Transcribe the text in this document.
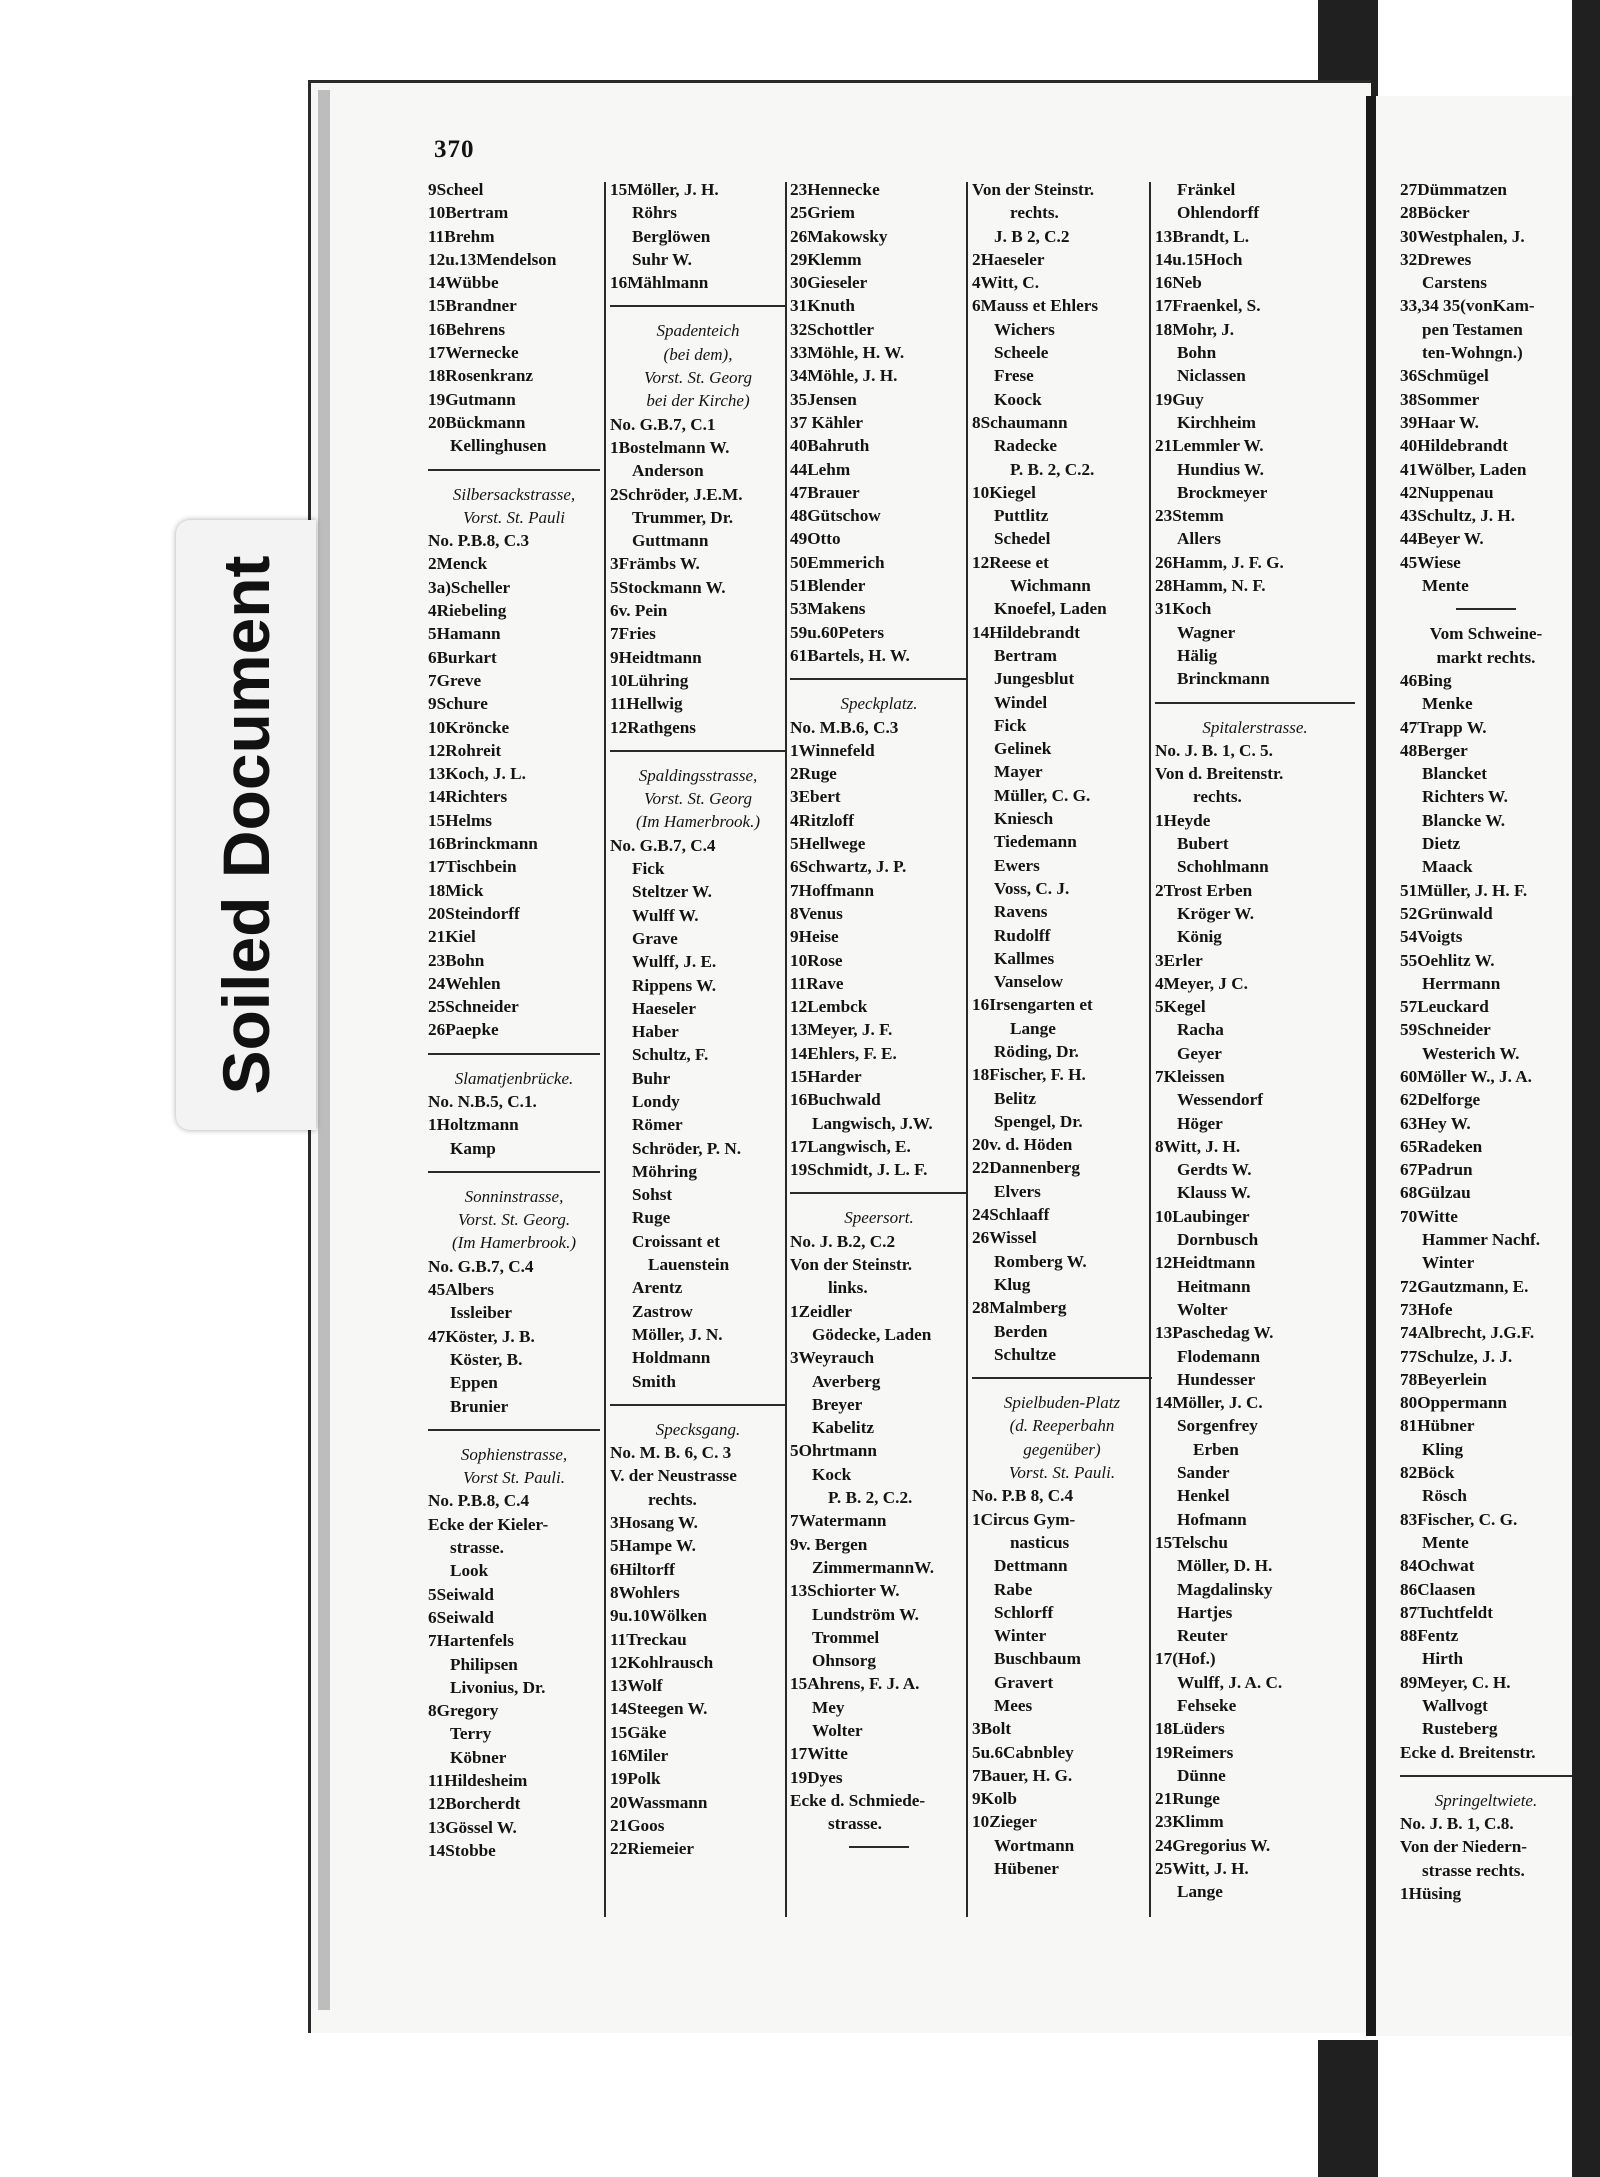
Soiled Document
370
9Scheel
10Bertram
11Brehm
12u.13Mendelson
14Wübbe
15Brandner
16Behrens
17Wernecke
18Rosenkranz
19Gutmann
20Bückmann
Kellinghusen
Silbersackstrasse,
Vorst. St. Pauli
No. P.B.8, C.3
2Menck
3a)Scheller
4Riebeling
5Hamann
6Burkart
7Greve
9Schure
10Kröncke
12Rohreit
13Koch, J. L.
14Richters
15Helms
16Brinckmann
17Tischbein
18Mick
20Steindorff
21Kiel
23Bohn
24Wehlen
25Schneider
26Paepke
Slamatjenbrücke.
No. N.B.5, C.1.
1Holtzmann
Kamp
Sonninstrasse,
Vorst. St. Georg.
(Im Hamerbrook.)
No. G.B.7, C.4
45Albers
Issleiber
47Köster, J. B.
Köster, B.
Eppen
Brunier
Sophienstrasse,
Vorst St. Pauli.
No. P.B.8, C.4
Ecke der Kieler-
strasse.
Look
5Seiwald
6Seiwald
7Hartenfels
Philipsen
Livonius, Dr.
8Gregory
Terry
Köbner
11Hildesheim
12Borcherdt
13Gössel W.
14Stobbe
15Möller, J. H.
Röhrs
Berglöwen
Suhr W.
16Mählmann
Spadenteich
(bei dem),
Vorst. St. Georg
bei der Kirche)
No. G.B.7, C.1
1Bostelmann W.
Anderson
2Schröder, J.E.M.
Trummer, Dr.
Guttmann
3Främbs W.
5Stockmann W.
6v. Pein
7Fries
9Heidtmann
10Lühring
11Hellwig
12Rathgens
Spaldingsstrasse,
Vorst. St. Georg
(Im Hamerbrook.)
No. G.B.7, C.4
Fick
Steltzer W.
Wulff W.
Grave
Wulff, J. E.
Rippens W.
Haeseler
Haber
Schultz, F.
Buhr
Londy
Römer
Schröder, P. N.
Möhring
Sohst
Ruge
Croissant et
Lauenstein
Arentz
Zastrow
Möller, J. N.
Holdmann
Smith
Specksgang.
No. M. B. 6, C. 3
V. der Neustrasse
rechts.
3Hosang W.
5Hampe W.
6Hiltorff
8Wohlers
9u.10Wölken
11Treckau
12Kohlrausch
13Wolf
14Steegen W.
15Gäke
16Miler
19Polk
20Wassmann
21Goos
22Riemeier
23Hennecke
25Griem
26Makowsky
29Klemm
30Gieseler
31Knuth
32Schottler
33Möhle, H. W.
34Möhle, J. H.
35Jensen
37 Kähler
40Bahruth
44Lehm
47Brauer
48Gütschow
49Otto
50Emmerich
51Blender
53Makens
59u.60Peters
61Bartels, H. W.
Speckplatz.
No. M.B.6, C.3
1Winnefeld
2Ruge
3Ebert
4Ritzloff
5Hellwege
6Schwartz, J. P.
7Hoffmann
8Venus
9Heise
10Rose
11Rave
12Lembck
13Meyer, J. F.
14Ehlers, F. E.
15Harder
16Buchwald
Langwisch, J.W.
17Langwisch, E.
19Schmidt, J. L. F.
Speersort.
No. J. B.2, C.2
Von der Steinstr.
links.
1Zeidler
Gödecke, Laden
3Weyrauch
Averberg
Breyer
Kabelitz
5Ohrtmann
Kock
P. B. 2, C.2.
7Watermann
9v. Bergen
ZimmermannW.
13Schiorter W.
Lundström W.
Trommel
Ohnsorg
15Ahrens, F. J. A.
Mey
Wolter
17Witte
19Dyes
Ecke d. Schmiede-
strasse.
Von der Steinstr.
rechts.
J. B 2, C.2
2Haeseler
4Witt, C.
6Mauss et Ehlers
Wichers
Scheele
Frese
Koock
8Schaumann
Radecke
P. B. 2, C.2.
10Kiegel
Puttlitz
Schedel
12Reese et
Wichmann
Knoefel, Laden
14Hildebrandt
Bertram
Jungesblut
Windel
Fick
Gelinek
Mayer
Müller, C. G.
Kniesch
Tiedemann
Ewers
Voss, C. J.
Ravens
Rudolff
Kallmes
Vanselow
16Irsengarten et
Lange
Röding, Dr.
18Fischer, F. H.
Belitz
Spengel, Dr.
20v. d. Höden
22Dannenberg
Elvers
24Schlaaff
26Wissel
Romberg W.
Klug
28Malmberg
Berden
Schultze
Spielbuden-Platz
(d. Reeperbahn
gegenüber)
Vorst. St. Pauli.
No. P.B 8, C.4
1Circus Gym-
nasticus
Dettmann
Rabe
Schlorff
Winter
Buschbaum
Gravert
Mees
3Bolt
5u.6Cabnbley
7Bauer, H. G.
9Kolb
10Zieger
Wortmann
Hübener
Fränkel
Ohlendorff
13Brandt, L.
14u.15Hoch
16Neb
17Fraenkel, S.
18Mohr, J.
Bohn
Niclassen
19Guy
Kirchheim
21Lemmler W.
Hundius W.
Brockmeyer
23Stemm
Allers
26Hamm, J. F. G.
28Hamm, N. F.
31Koch
Wagner
Hälig
Brinckmann
Spitalerstrasse.
No. J. B. 1, C. 5.
Von d. Breitenstr.
rechts.
1Heyde
Bubert
Schohlmann
2Trost Erben
Kröger W.
König
3Erler
4Meyer, J C.
5Kegel
Racha
Geyer
7Kleissen
Wessendorf
Höger
8Witt, J. H.
Gerdts W.
Klauss W.
10Laubinger
Dornbusch
12Heidtmann
Heitmann
Wolter
13Paschedag W.
Flodemann
Hundesser
14Möller, J. C.
Sorgenfrey
Erben
Sander
Henkel
Hofmann
15Telschu
Möller, D. H.
Magdalinsky
Hartjes
Reuter
17(Hof.)
Wulff, J. A. C.
Fehseke
18Lüders
19Reimers
Dünne
21Runge
23Klimm
24Gregorius W.
25Witt, J. H.
Lange
27Dümmatzen
28Böcker
30Westphalen, J.
32Drewes
Carstens
33,34 35(vonKam-
pen Testamen
ten-Wohngn.)
36Schmügel
38Sommer
39Haar W.
40Hildebrandt
41Wölber, Laden
42Nuppenau
43Schultz, J. H.
44Beyer W.
45Wiese
Mente
Vom Schweine-
markt rechts.
46Bing
Menke
47Trapp W.
48Berger
Blancket
Richters W.
Blancke W.
Dietz
Maack
51Müller, J. H. F.
52Grünwald
54Voigts
55Oehlitz W.
Herrmann
57Leuckard
59Schneider
Westerich W.
60Möller W., J. A.
62Delforge
63Hey W.
65Radeken
67Padrun
68Gülzau
70Witte
Hammer Nachf.
Winter
72Gautzmann, E.
73Hofe
74Albrecht, J.G.F.
77Schulze, J. J.
78Beyerlein
80Oppermann
81Hübner
Kling
82Böck
Rösch
83Fischer, C. G.
Mente
84Ochwat
86Claasen
87Tuchtfeldt
88Fentz
Hirth
89Meyer, C. H.
Wallvogt
Rusteberg
Ecke d. Breitenstr.
Springeltwiete.
No. J. B. 1, C.8.
Von der Niedern-
strasse rechts.
1Hüsing
